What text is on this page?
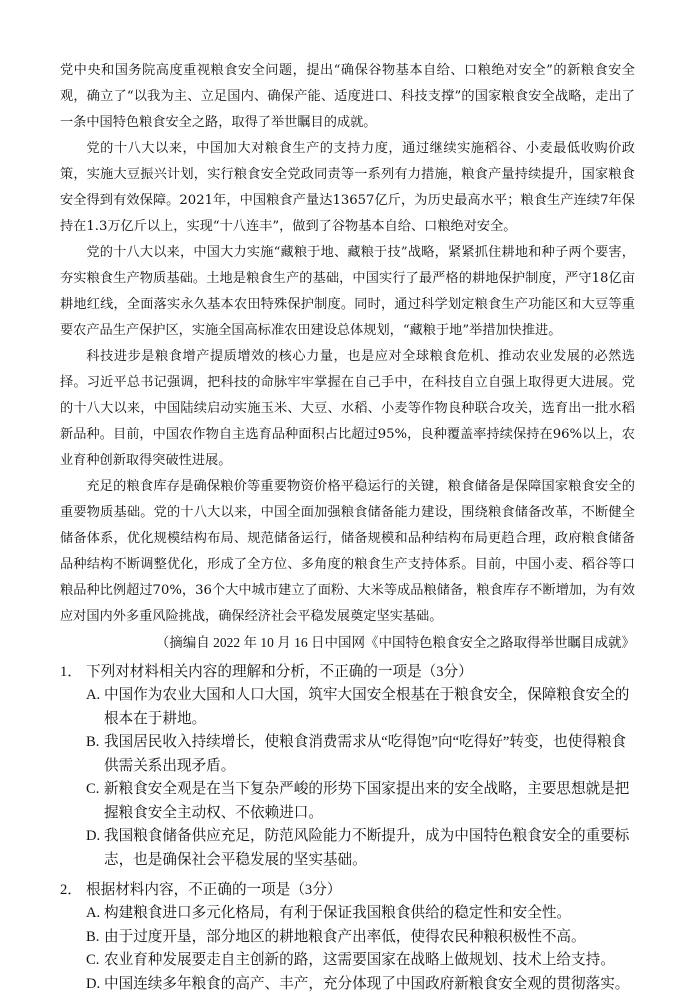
党中央和国务院高度重视粮食安全问题，提出“确保谷物基本自给、口粮绝对安全”的新粮食安全观，确立了“以我为主、立足国内、确保产能、适度进口、科技支撑”的国家粮食安全战略，走出了一条中国特色粮食安全之路，取得了举世瞩目的成就。

党的十八大以来，中国加大对粮食生产的支持力度，通过继续实施稻谷、小麦最低收购价政策，实施大豆振兴计划，实行粮食安全党政同责等一系列有力措施，粮食产量持续提升，国家粮食安全得到有效保障。2021年，中国粮食产量达13657亿斤，为历史最高水平；粮食生产连续7年保持在1.3万亿斤以上，实现“十八连丰”，做到了谷物基本自给、口粮绝对安全。

党的十八大以来，中国大力实施“藏粮于地、藏粮于技”战略，紧紧抓住耕地和种子两个要害，夯实粮食生产物质基础。土地是粮食生产的基础，中国实行了最严格的耕地保护制度，严守18亿亩耕地红线，全面落实永久基本农田特殊保护制度。同时，通过科学划定粮食生产功能区和大豆等重要农产品生产保护区，实施全国高标准农田建设总体规划，“藏粮于地”举措加快推进。

科技进步是粮食增产提质增效的核心力量，也是应对全球粮食危机、推动农业发展的必然选择。习近平总书记强调，把科技的命脉牢牢掌握在自己手中，在科技自立自强上取得更大进展。党的十八大以来，中国陆续启动实施玉米、大豆、水稻、小麦等作物良种联合攻关，选育出一批水稻新品种。目前，中国农作物自主选育品种面积占比超过95%，良种覆盖率持续保持在96%以上，农业育种创新取得突破性进展。

充足的粮食库存是确保粮价等重要物资价格平稳运行的关键，粮食储备是保障国家粮食安全的重要物质基础。党的十八大以来，中国全面加强粮食储备能力建设，围绕粮食储备改革，不断健全储备体系，优化规模结构布局、规范储备运行，储备规模和品种结构布局更趋合理，政府粮食储备品种结构不断调整优化，形成了全方位、多角度的粮食生产支持体系。目前，中国小麦、稻谷等口粮品种比例超过70%，36个大中城市建立了面粉、大米等成品粮储备，粮食库存不断增加，为有效应对国内外多重风险挑战，确保经济社会平稳发展奠定坚实基础。

（摘编自 2022 年 10 月 16 日中国网《中国特色粮食安全之路取得举世瞩目成就》

1． 下列对材料相关内容的理解和分析，不正确的一项是（3分）
A. 中国作为农业大国和人口大国，筑牢大国安全根基在于粮食安全，保障粮食安全的根本在于耕地。
B. 我国居民收入持续增长，使粮食消费需求从“吃得饱”向“吃得好”转变，也使得粮食供需关系出现矛盾。
C. 新粮食安全观是在当下复杂严峻的形势下国家提出来的安全战略，主要思想就是把握粮食安全主动权、不依赖进口。
D. 我国粮食储备供应充足，防范风险能力不断提升，成为中国特色粮食安全的重要标志，也是确保社会平稳发展的坚实基础。
2． 根据材料内容，不正确的一项是（3分）
A. 构建粮食进口多元化格局，有利于保证我国粮食供给的稳定性和安全性。
B. 由于过度开垦，部分地区的耕地粮食产出率低，使得农民种粮积极性不高。
C. 农业育种发展要走自主创新的路，这需要国家在战略上做规划、技术上给支持。
D. 中国连续多年粮食的高产、丰产，充分体现了中国政府新粮食安全观的贯彻落实。
